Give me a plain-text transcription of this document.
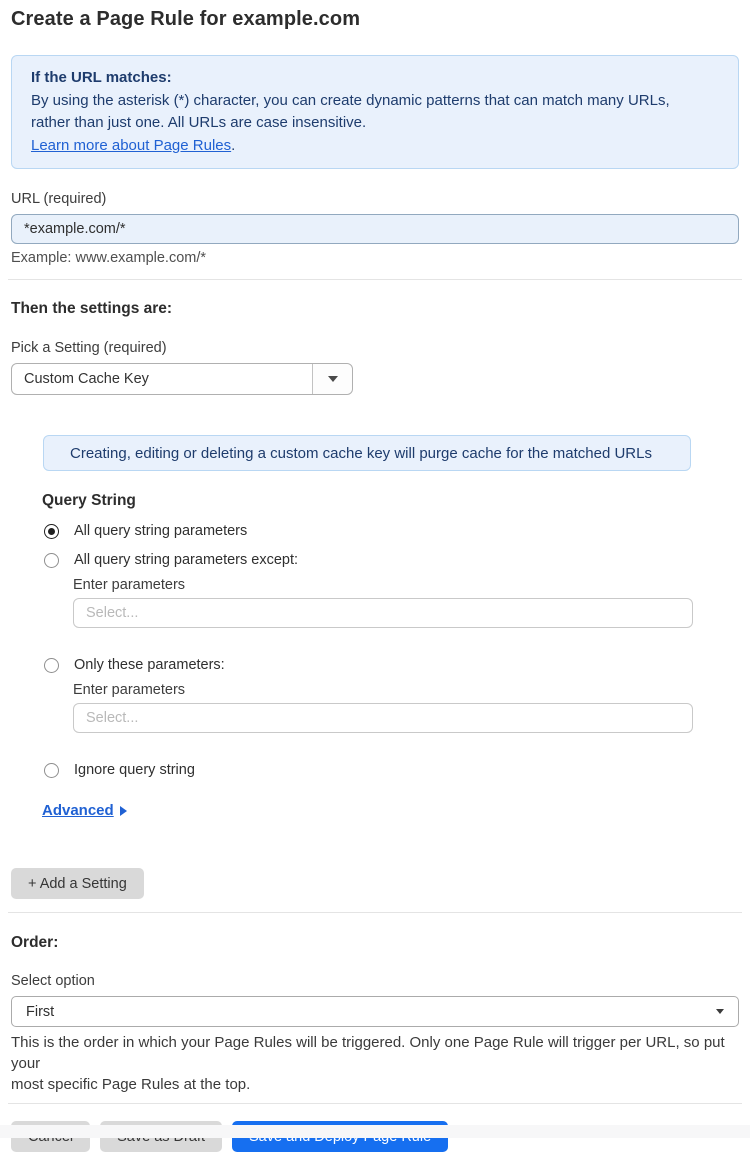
Create a Page Rule for example.com
If the URL matches:
By using the asterisk (*) character, you can create dynamic patterns that can match many URLs,
rather than just one. All URLs are case insensitive.
Learn more about Page Rules.
URL (required)
*example.com/*
Example: www.example.com/*
Then the settings are:
Pick a Setting (required)
Custom Cache Key
Creating, editing or deleting a custom cache key will purge cache for the matched URLs
Query String
All query string parameters
All query string parameters except:
Enter parameters
Select...
Only these parameters:
Enter parameters
Select...
Ignore query string
Advanced
+ Add a Setting
Order:
Select option
First
This is the order in which your Page Rules will be triggered. Only one Page Rule will trigger per URL, so put your
most specific Page Rules at the top.
